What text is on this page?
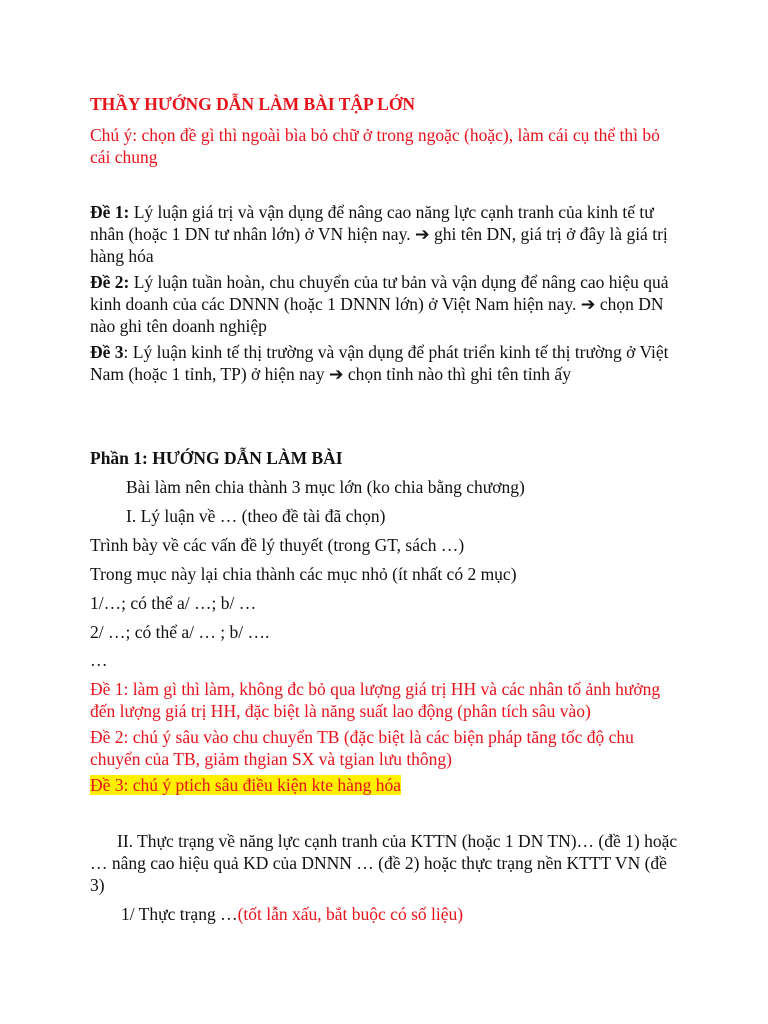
THẦY HƯỚNG DẪN LÀM BÀI TẬP LỚN

Chú ý: chọn đề gì thì ngoài bìa bỏ chữ ở trong ngoặc (hoặc), làm cái cụ thể thì bỏ cái chung

Đề 1: Lý luận giá trị và vận dụng để nâng cao năng lực cạnh tranh của kinh tế tư nhân (hoặc 1 DN tư nhân lớn) ở VN hiện nay. ➔ ghi tên DN, giá trị ở đây là giá trị hàng hóa

Đề 2: Lý luận tuần hoàn, chu chuyển của tư bản và vận dụng để nâng cao hiệu quả kinh doanh của các DNNN (hoặc 1 DNNN lớn) ở Việt Nam hiện nay. ➔ chọn DN nào ghi tên doanh nghiệp

Đề 3: Lý luận kinh tế thị trường và vận dụng để phát triển kinh tế thị trường ở Việt Nam (hoặc 1 tỉnh, TP) ở hiện nay ➔ chọn tỉnh nào thì ghi tên tỉnh ấy

Phần 1: HƯỚNG DẪN LÀM BÀI

Bài làm nên chia thành 3 mục lớn (ko chia bằng chương)

I. Lý luận về … (theo đề tài đã chọn)

Trình bày về các vấn đề lý thuyết (trong GT, sách …)

Trong mục này lại chia thành các mục nhỏ (ít nhất có 2 mục)

1/…; có thể a/ …; b/ …

2/ …; có thể a/ … ; b/ ….

…

Đề 1: làm gì thì làm, không đc bỏ qua lượng giá trị HH và các nhân tố ảnh hưởng đến lượng giá trị HH, đặc biệt là năng suất lao động (phân tích sâu vào)

Đề 2: chú ý sâu vào chu chuyển TB (đặc biệt là các biện pháp tăng tốc độ chu chuyển của TB, giảm thgian SX và tgian lưu thông)

Đề 3: chú ý ptich sâu điều kiện kte hàng hóa

II. Thực trạng về năng lực cạnh tranh của KTTN (hoặc 1 DN TN)… (đề 1) hoặc … nâng cao hiệu quả KD của DNNN … (đề 2) hoặc thực trạng nền KTTT VN (đề 3)

1/ Thực trạng …(tốt lẫn xấu, bắt buộc có số liệu)
